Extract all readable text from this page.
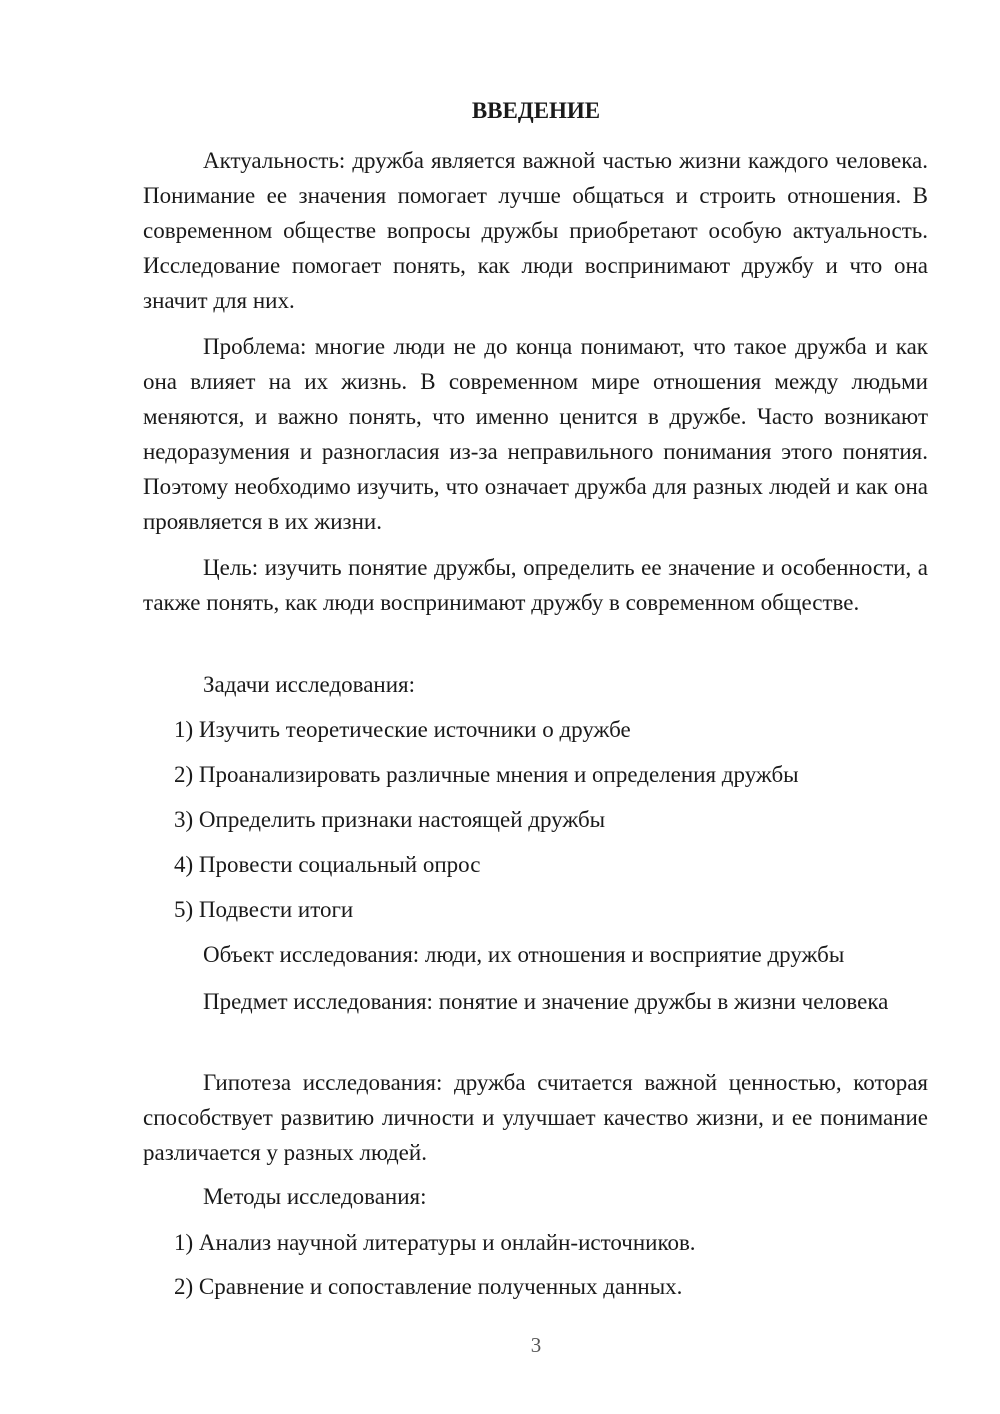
ВВЕДЕНИЕ

Актуальность: дружба является важной частью жизни каждого человека. Понимание ее значения помогает лучше общаться и строить отношения. В современном обществе вопросы дружбы приобретают особую актуальность. Исследование помогает понять, как люди воспринимают дружбу и что она значит для них.

Проблема: многие люди не до конца понимают, что такое дружба и как она влияет на их жизнь. В современном мире отношения между людьми меняются, и важно понять, что именно ценится в дружбе. Часто возникают недоразумения и разногласия из-за неправильного понимания этого понятия. Поэтому необходимо изучить, что означает дружба для разных людей и как она проявляется в их жизни.

Цель: изучить понятие дружбы, определить ее значение и особенности, а также понять, как люди воспринимают дружбу в современном обществе.

Задачи исследования:

1) Изучить теоретические источники о дружбе

2) Проанализировать различные мнения и определения дружбы

3) Определить признаки настоящей дружбы

4) Провести социальный опрос

5) Подвести итоги

Объект исследования: люди, их отношения и восприятие дружбы

Предмет исследования: понятие и значение дружбы в жизни человека

Гипотеза исследования: дружба считается важной ценностью, которая способствует развитию личности и улучшает качество жизни, и ее понимание различается у разных людей.

Методы исследования:

1) Анализ научной литературы и онлайн-источников.

2) Сравнение и сопоставление полученных данных.

3
